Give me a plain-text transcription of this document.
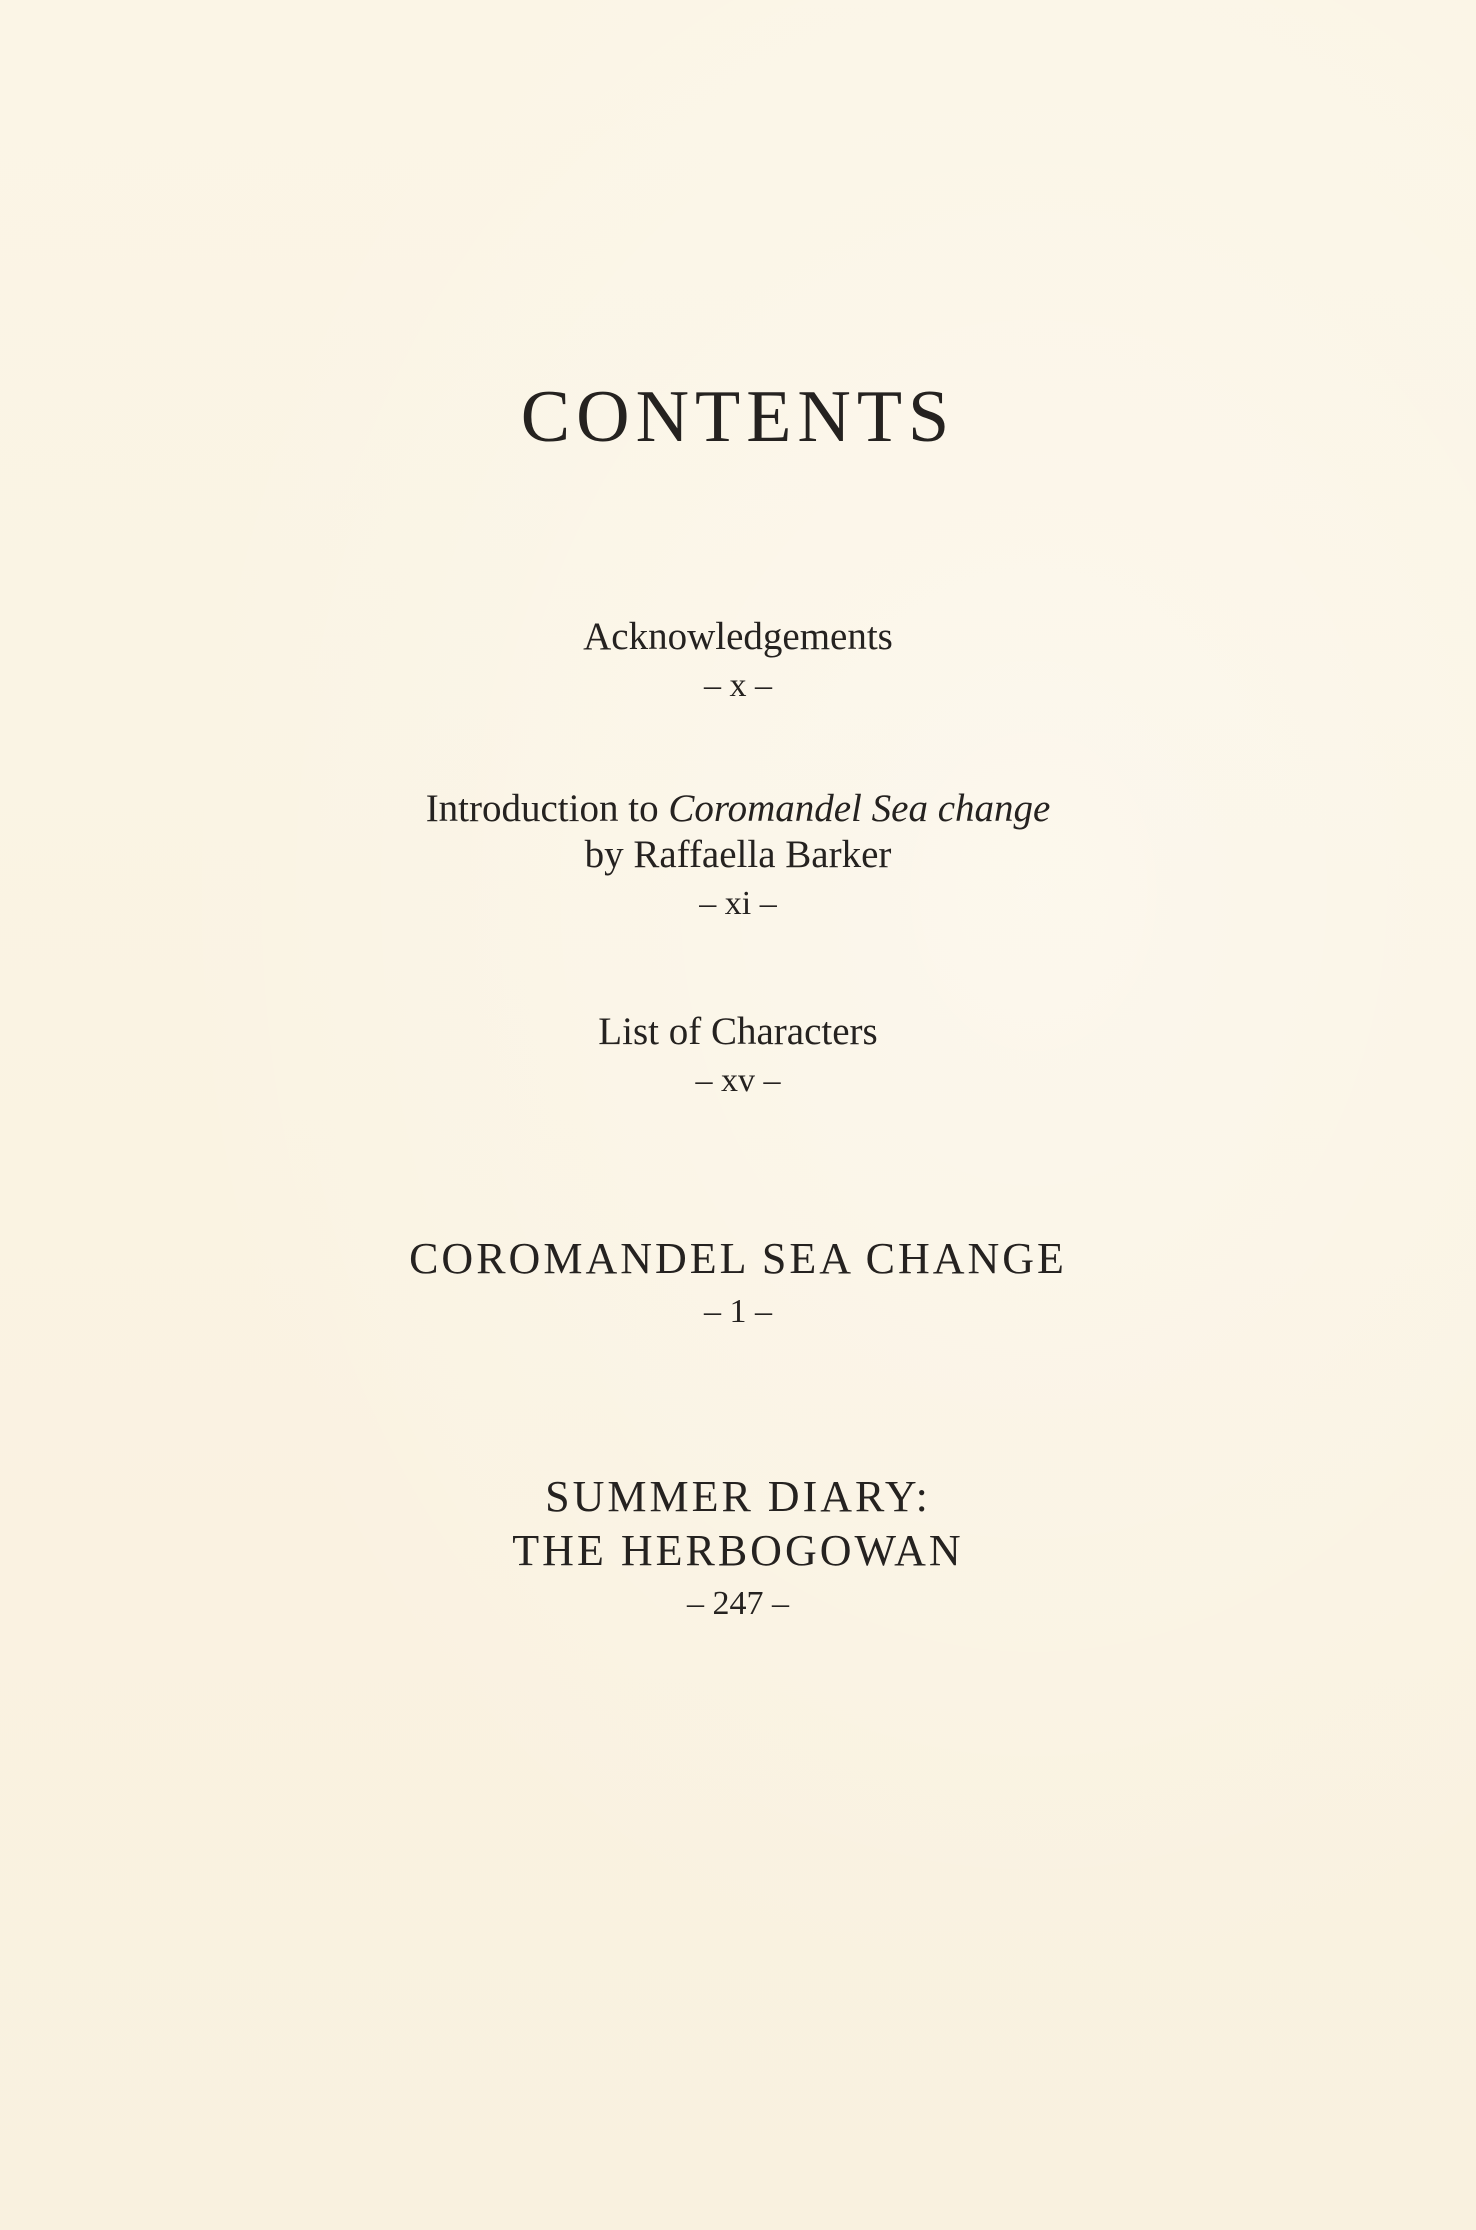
CONTENTS
Acknowledgements
– x –
Introduction to Coromandel Sea change
by Raffaella Barker
– xi –
List of Characters
– xv –
COROMANDEL SEA CHANGE
– 1 –
SUMMER DIARY:
THE HERBOGOWAN
– 247 –
